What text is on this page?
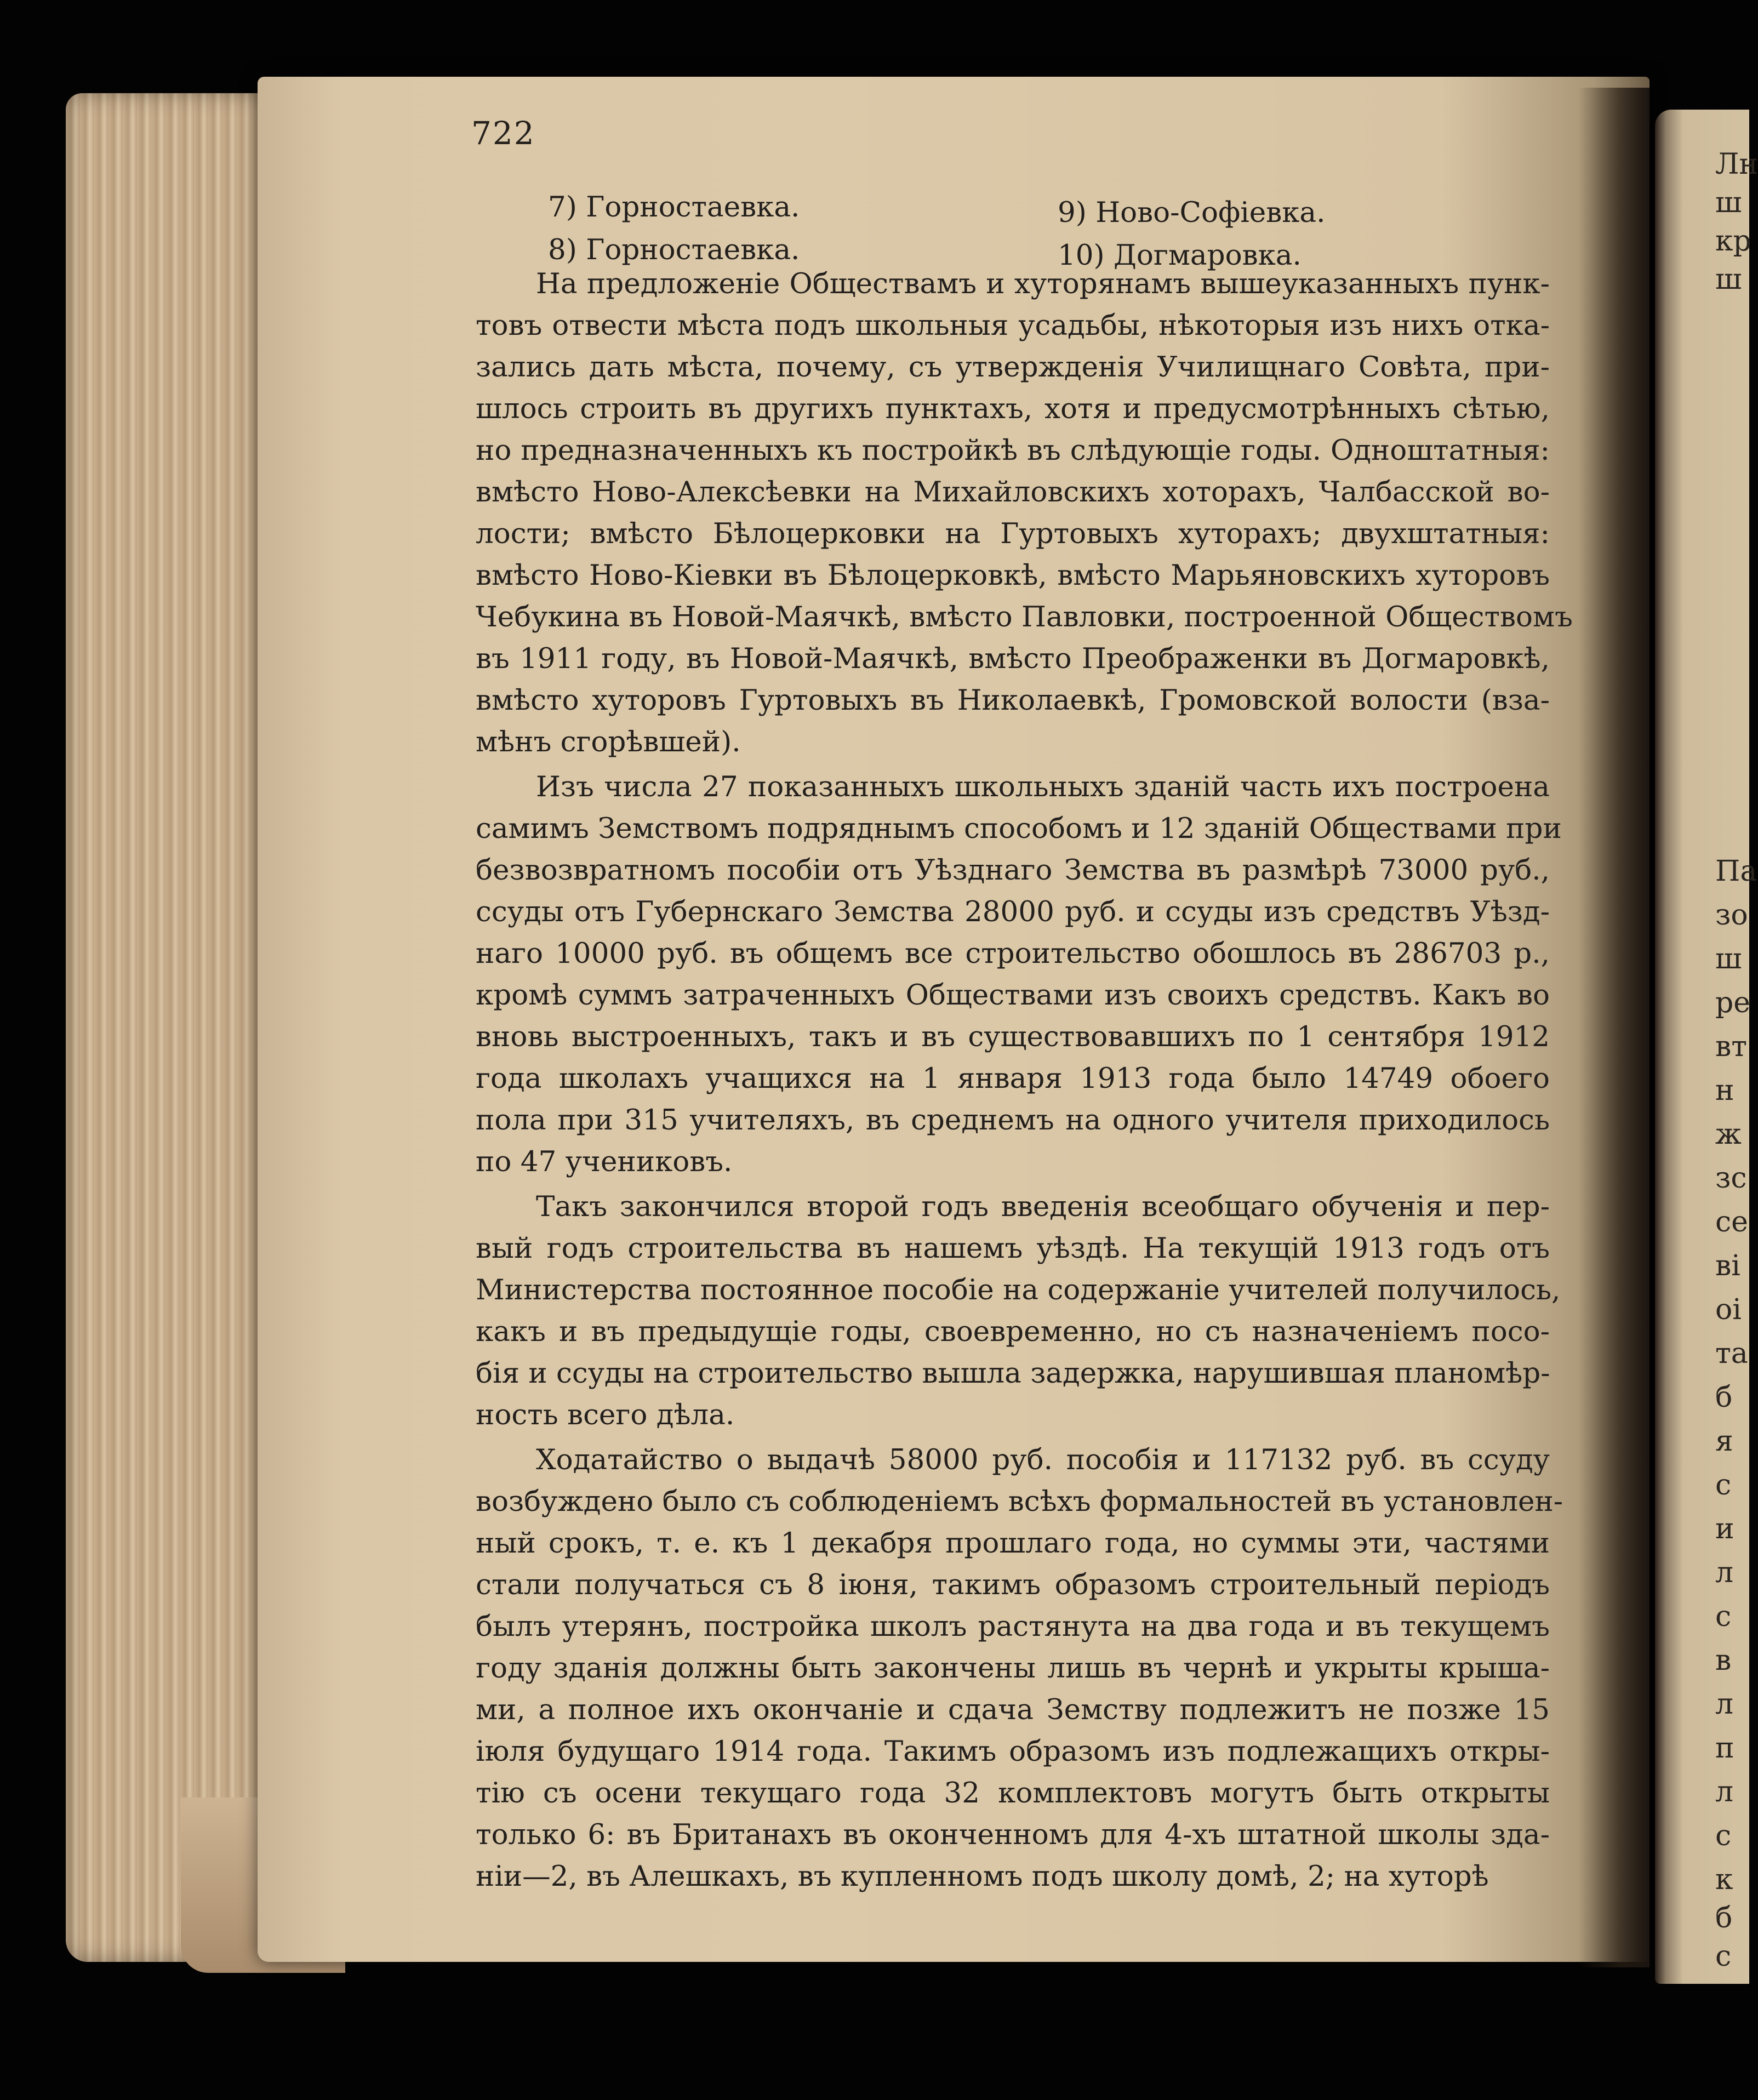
722
7) Горностаевка.	9) Ново-Софіевка.
8) Горностаевка.	10) Догмаровка.
На предложеніе Обществамъ и хуторянамъ вышеуказанныхъ пунк-
товъ отвести мѣста подъ школьныя усадьбы, нѣкоторыя изъ нихъ отка-
зались дать мѣста, почему, съ утвержденія Училищнаго Совѣта, при-
шлось строить въ другихъ пунктахъ, хотя и предусмотрѣнныхъ сѣтью,
но предназначенныхъ къ постройкѣ въ слѣдующіе годы. Одноштатныя:
вмѣсто Ново-Алексѣевки на Михайловскихъ хоторахъ, Чалбасской во-
лости; вмѣсто Бѣлоцерковки на Гуртовыхъ хуторахъ; двухштатныя:
вмѣсто Ново-Кіевки въ Бѣлоцерковкѣ, вмѣсто Марьяновскихъ хуторовъ
Чебукина въ Новой-Маячкѣ, вмѣсто Павловки, построенной Обществомъ
въ 1911 году, въ Новой-Маячкѣ, вмѣсто Преображенки въ Догмаровкѣ,
вмѣсто хуторовъ Гуртовыхъ въ Николаевкѣ, Громовской волости (вза-
мѣнъ сгорѣвшей).
Изъ числа 27 показанныхъ школьныхъ зданій часть ихъ построена
самимъ Земствомъ подряднымъ способомъ и 12 зданій Обществами при
безвозвратномъ пособіи отъ Уѣзднаго Земства въ размѣрѣ 73000 руб.,
ссуды отъ Губернскаго Земства 28000 руб. и ссуды изъ средствъ Уѣзд-
наго 10000 руб. въ общемъ все строительство обошлось въ 286703 р.,
кромѣ суммъ затраченныхъ Обществами изъ своихъ средствъ. Какъ во
вновь выстроенныхъ, такъ и въ существовавшихъ по 1 сентября 1912
года школахъ учащихся на 1 января 1913 года было 14749 обоего
пола при 315 учителяхъ, въ среднемъ на одного учителя приходилось
по 47 учениковъ.
Такъ закончился второй годъ введенія всеобщаго обученія и пер-
вый годъ строительства въ нашемъ уѣздѣ. На текущій 1913 годъ отъ
Министерства постоянное пособіе на содержаніе учителей получилось,
какъ и въ предыдущіе годы, своевременно, но съ назначеніемъ посо-
бія и ссуды на строительство вышла задержка, нарушившая планомѣр-
ность всего дѣла.
Ходатайство о выдачѣ 58000 руб. пособія и 117132 руб. въ ссуду
возбуждено было съ соблюденіемъ всѣхъ формальностей въ установлен-
ный срокъ, т. е. къ 1 декабря прошлаго года, но суммы эти, частями
стали получаться съ 8 іюня, такимъ образомъ строительный періодъ
былъ утерянъ, постройка школъ растянута на два года и въ текущемъ
году зданія должны быть закончены лишь въ чернѣ и укрыты крыша-
ми, а полное ихъ окончаніе и сдача Земству подлежитъ не позже 15
іюля будущаго 1914 года. Такимъ образомъ изъ подлежащихъ откры-
тію съ осени текущаго года 32 комплектовъ могутъ быть открыты
только 6: въ Британахъ въ оконченномъ для 4-хъ штатной школы зда-
ніи—2, въ Алешкахъ, въ купленномъ подъ школу домѣ, 2; на хуторѣ
Лн
ш
кр
ш
Па
зо
ш
ре
вт
н
ж
зс
се
ві
оі
та
б
я
с
и
л
с
в
л
п
л
с
к
б
с
